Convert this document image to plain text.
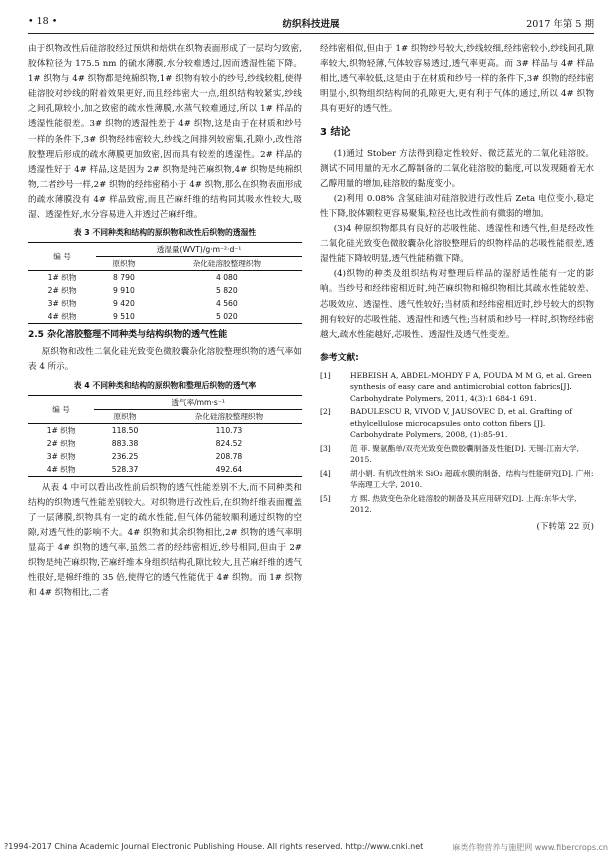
• 18 •	纺织科技进展	2017 年第 5 期

由于织物改性后硅溶胶经过预烘和焙烘在织物表面形成了一层均匀致密,胶体粒径为 175.5 nm 的硫水薄膜,水分较难透过,因而透湿性能下降。1# 织物与 4# 织物都是纯棉织物,1# 织物有较小的纱号,纱线较粗,使得硅溶胶对纱线的附着效果更好,而且经纬密大一点,组织结构较紧实,纱线之间孔隙较小,加之致密的疏水性薄膜,水蒸气较难通过,所以 1# 样品的透湿性能很差。3# 织物的透湿性差于 4# 织物,这是由于在材质和纱号一样的条件下,3# 织物经纬密较大,纱线之间排列较密集,孔隙小,改性溶胶整理后形成的疏水薄膜更加致密,因而具有较差的透湿性。2# 样品的透湿性好于 4# 样品,这是因为 2# 织物是纯芒麻织物,4# 织物是纯棉织物,二者纱号一样,2# 织物的经纬密稍小于 4# 织物,那么在织物表面形成的疏水薄膜没有 4# 样品致密,而且芒麻纤维的结构同其吸水性较大,吸湿、透湿性好,水分容易进入并透过芒麻纤维。

表 3 不同种类和结构的原织物和改性后织物的透湿性
编 号	透湿量(WVT)/g·m⁻²·d⁻¹	
	原织物	杂化硅溶胶整理织物
1# 织物	8 790	4 080
2# 织物	9 910	5 820
3# 织物	9 420	4 560
4# 织物	9 510	5 020
2.5 杂化溶胶整理不同种类与结构织物的透气性能

原织物和改性二氧化硅光致变色微胶囊杂化溶胶整理织物的透气率如表 4 所示。

表 4 不同种类和结构的原织物和整理后织物的透气率
编 号	透气率/mm·s⁻¹	
	原织物	杂化硅溶胶整理织物
1# 织物	118.50	110.73
2# 织物	883.38	824.52
3# 织物	236.25	208.78
4# 织物	528.37	492.64

从表 4 中可以看出改性前后织物的透气性能差别不大,而不同种类和结构的织物透气性能差别较大。对织物进行改性后,在织物纤维表面覆盖了一层薄膜,织物具有一定的疏水性能,但气体仍能较顺利通过织物的空隙,对透气性的影响不大。4# 织物和其余织物相比,2# 织物的透气率明显高于 4# 织物的透气率,虽然二者的经纬密相近,纱号相同,但由于 2# 织物是纯芒麻织物,芒麻纤维本身组织结构孔隙比较大,且芒麻纤维的透气性很好,是棉纤维的 35 倍,使得它的透气性能优于 4# 织物。而 1# 织物和 4# 织物相比,二者

经纬密相似,但由于 1# 织物纱号较大,纱线较细,经纬密较小,纱线间孔隙率较大,织物轻薄,气体较容易透过,透气率更高。而 3# 样品与 4# 样品相比,透气率较低,这是由于在材质和纱号一样的条件下,3# 织物的经纬密明显小,织物组织结构间的孔隙更大,更有利于气体的通过,所以 4# 织物具有更好的透气性。

3 结论

(1)通过 Stober 方法得到稳定性较好、微泛蓝光的二氧化硅溶胶。测试不同用量的无水乙醇制备的二氧化硅溶胶的黏度,可以发现随着无水乙醇用量的增加,硅溶胶的黏度变小。

(2)利用 0.08% 含氢硅油对硅溶胶进行改性后 Zeta 电位变小,稳定性下降,胶体颗粒更容易聚集,粒径也比改性前有微弱的增加。

(3)4 种原织物都具有良好的芯吸性能、透湿性和透气性,但是经改性二氧化硅光致变色微胶囊杂化溶胶整理后的织物样品的芯吸性能很差,透湿性能下降较明显,透气性能稍微下降。

(4)织物的种类及组织结构对整理后样品的湿舒适性能有一定的影响。当纱号和经纬密相近时,纯芒麻织物和棉织物相比其疏水性能较差、芯吸效应、透湿性、透气性较好;当材质和经纬密相近时,纱号较大的织物拥有较好的芯吸性能、透湿性和透气性;当材质和纱号一样时,织物经纬密越大,疏水性能越好,芯吸性、透湿性及透气性变差。

参考文献:
[1]	HEBEISH A, ABDEL-MOHDY F A, FOUDA M M G, et al. Green synthesis of easy care and antimicrobial cotton fabrics[J]. Carbohydrate Polymers, 2011, 4(3):1 684-1 691.
[2]	BADULESCU R, VIVOD V, JAUSOVEC D, et al. Grafting of ethylcellulose microcapsules onto cotton fibers [J]. Carbohydrate Polymers, 2008, (1):85-91.
[3]	范 菲. 聚氨酯单/双壳光致变色微胶囊制备及性能[D]. 无锡:江南大学, 2015.
[4]	胡小娟. 有机改性纳米 SiO₂ 超疏水膜的制备、结构与性能研究[D]. 广州:华南理工大学, 2010.
[5]	方 熙. 热致变色杂化硅溶胶的制备及其应用研究[D]. 上海:东华大学, 2012.
(下转第 22 页)
?1994-2017 China Academic Journal Electronic Publishing House. All rights reserved. http://www.cnki.net	麻类作物营养与施肥网 www.fibercrops.cn
